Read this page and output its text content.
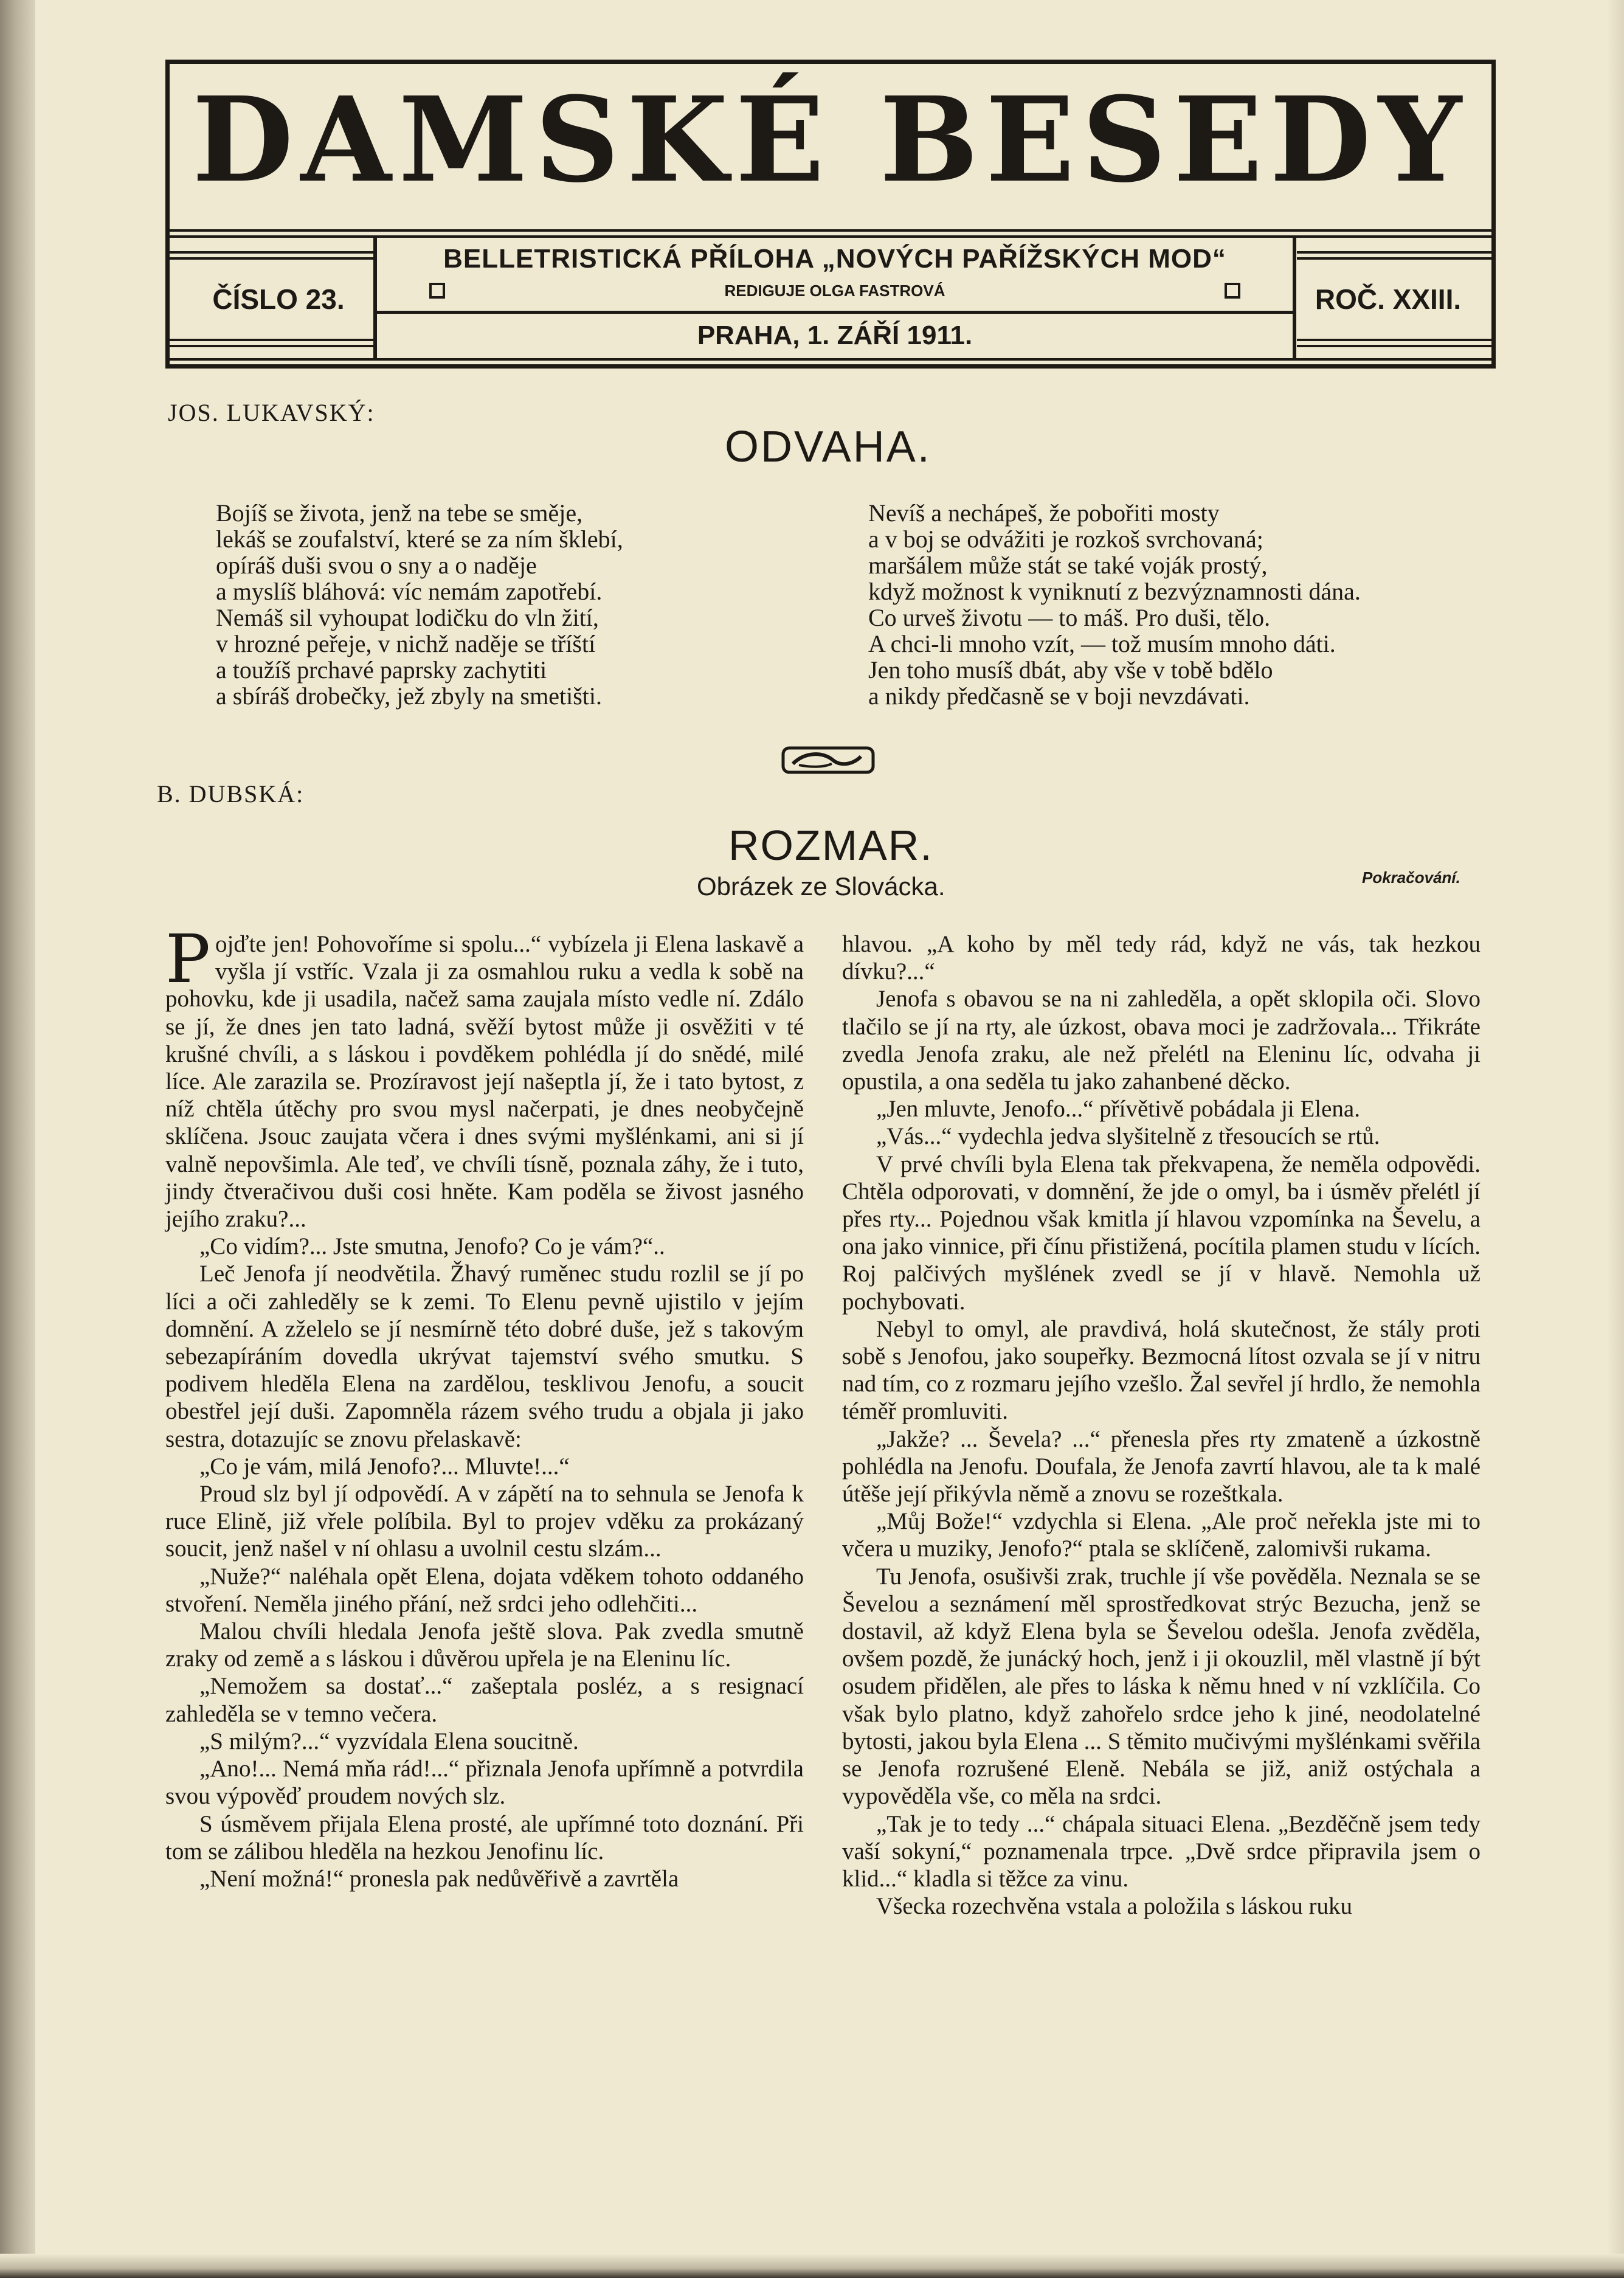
DAMSKÉ BESEDY
ČÍSLO 23.	ROČ. XXIII.
BELLETRISTICKÁ PŘÍLOHA „NOVÝCH PAŘÍŽSKÝCH MOD“
REDIGUJE OLGA FASTROVÁ
PRAHA, 1. ZÁŘÍ 1911.
JOS. LUKAVSKÝ:
ODVAHA.
Bojíš se života, jenž na tebe se směje,
lekáš se zoufalství, které se za ním šklebí,
opíráš duši svou o sny a o naděje
a myslíš bláhová: víc nemám zapotřebí.
Nemáš sil vyhoupat lodičku do vln žití,
v hrozné peřeje, v nichž naděje se tříští
a toužíš prchavé paprsky zachytiti
a sbíráš drobečky, jež zbyly na smetišti.
Nevíš a nechápeš, že pobořiti mosty
a v boj se odvážiti je rozkoš svrchovaná;
maršálem může stát se také voják prostý,
když možnost k vyniknutí z bezvýznamnosti dána.
Co urveš životu — to máš. Pro duši, tělo.
A chci-li mnoho vzít, — tož musím mnoho dáti.
Jen toho musíš dbát, aby vše v tobě bdělo
a nikdy předčasně se v boji nevzdávati.
B. DUBSKÁ:
ROZMAR.
Obrázek ze Slovácka.	Pokračování.

Pojďte jen! Pohovoříme si spolu...“ vybízela ji Elena laskavě a vyšla jí vstříc. Vzala ji za osmahlou ruku a vedla k sobě na pohovku, kde ji usadila, načež sama zaujala místo vedle ní. Zdálo se jí, že dnes jen tato ladná, svěží bytost může ji osvěžiti v té krušné chvíli, a s láskou i povděkem pohlédla jí do snědé, milé líce. Ale zarazila se. Prozíravost její našeptla jí, že i tato bytost, z níž chtěla útěchy pro svou mysl načerpati, je dnes neobyčejně sklíčena. Jsouc zaujata včera i dnes svými myšlénkami, ani si jí valně nepovšimla. Ale teď, ve chvíli tísně, poznala záhy, že i tuto, jindy čtveračivou duši cosi hněte. Kam poděla se živost jasného jejího zraku?...

„Co vidím?... Jste smutna, Jenofo? Co je vám?“..

Leč Jenofa jí neodvětila. Žhavý ruměnec studu rozlil se jí po líci a oči zahleděly se k zemi. To Elenu pevně ujistilo v jejím domnění. A zželelo se jí nesmírně této dobré duše, jež s takovým sebezapíráním dovedla ukrývat tajemství svého smutku. S podivem hleděla Elena na zardělou, tesklivou Jenofu, a soucit obestřel její duši. Zapomněla rázem svého trudu a objala ji jako sestra, dotazujíc se znovu přelaskavě:

„Co je vám, milá Jenofo?... Mluvte!...“

Proud slz byl jí odpovědí. A v zápětí na to sehnula se Jenofa k ruce Elině, již vřele políbila. Byl to projev vděku za prokázaný soucit, jenž našel v ní ohlasu a uvolnil cestu slzám...

„Nuže?“ naléhala opět Elena, dojata vděkem tohoto oddaného stvoření. Neměla jiného přání, než srdci jeho odlehčiti...

Malou chvíli hledala Jenofa ještě slova. Pak zvedla smutně zraky od země a s láskou i důvěrou upřela je na Eleninu líc.

„Nemožem sa dostať...“ zašeptala posléz, a s resignací zahleděla se v temno večera.

„S milým?...“ vyzvídala Elena soucitně.

„Ano!... Nemá mňa rád!...“ přiznala Jenofa upřímně a potvrdila svou výpověď proudem nových slz.

S úsměvem přijala Elena prosté, ale upřímné toto doznání. Při tom se zálibou hleděla na hezkou Jenofinu líc.

„Není možná!“ pronesla pak nedůvěřivě a zavrtěla

hlavou. „A koho by měl tedy rád, když ne vás, tak hezkou dívku?...“

Jenofa s obavou se na ni zahleděla, a opět sklopila oči. Slovo tlačilo se jí na rty, ale úzkost, obava moci je zadržovala... Třikráte zvedla Jenofa zraku, ale než přelétl na Eleninu líc, odvaha ji opustila, a ona seděla tu jako zahanbené děcko.

„Jen mluvte, Jenofo...“ přívětivě pobádala ji Elena.

„Vás...“ vydechla jedva slyšitelně z třesoucích se rtů.

V prvé chvíli byla Elena tak překvapena, že neměla odpovědi. Chtěla odporovati, v domnění, že jde o omyl, ba i úsměv přelétl jí přes rty... Pojednou však kmitla jí hlavou vzpomínka na Ševelu, a ona jako vinnice, při čínu přistižená, pocítila plamen studu v lících. Roj palčivých myšlének zvedl se jí v hlavě. Nemohla už pochybovati.

Nebyl to omyl, ale pravdivá, holá skutečnost, že stály proti sobě s Jenofou, jako soupeřky. Bezmocná lítost ozvala se jí v nitru nad tím, co z rozmaru jejího vzešlo. Žal sevřel jí hrdlo, že nemohla téměř promluviti.

„Jakže? ... Ševela? ...“ přenesla přes rty zmateně a úzkostně pohlédla na Jenofu. Doufala, že Jenofa zavrtí hlavou, ale ta k malé útěše její přikývla němě a znovu se rozeštkala.

„Můj Bože!“ vzdychla si Elena. „Ale proč neřekla jste mi to včera u muziky, Jenofo?“ ptala se sklíčeně, zalomivši rukama.

Tu Jenofa, osušivši zrak, truchle jí vše pověděla. Neznala se se Ševelou a seznámení měl sprostředkovat strýc Bezucha, jenž se dostavil, až když Elena byla se Ševelou odešla. Jenofa zvěděla, ovšem pozdě, že junácký hoch, jenž i ji okouzlil, měl vlastně jí být osudem přidělen, ale přes to láska k němu hned v ní vzklíčila. Co však bylo platno, když zahořelo srdce jeho k jiné, neodolatelné bytosti, jakou byla Elena ... S těmito mučivými myšlénkami svěřila se Jenofa rozrušené Eleně. Nebála se již, aniž ostýchala a vypověděla vše, co měla na srdci.

„Tak je to tedy ...“ chápala situaci Elena. „Bezděčně jsem tedy vaší sokyní,“ poznamenala trpce. „Dvě srdce připravila jsem o klid...“ kladla si těžce za vinu.

Všecka rozechvěna vstala a položila s láskou ruku
